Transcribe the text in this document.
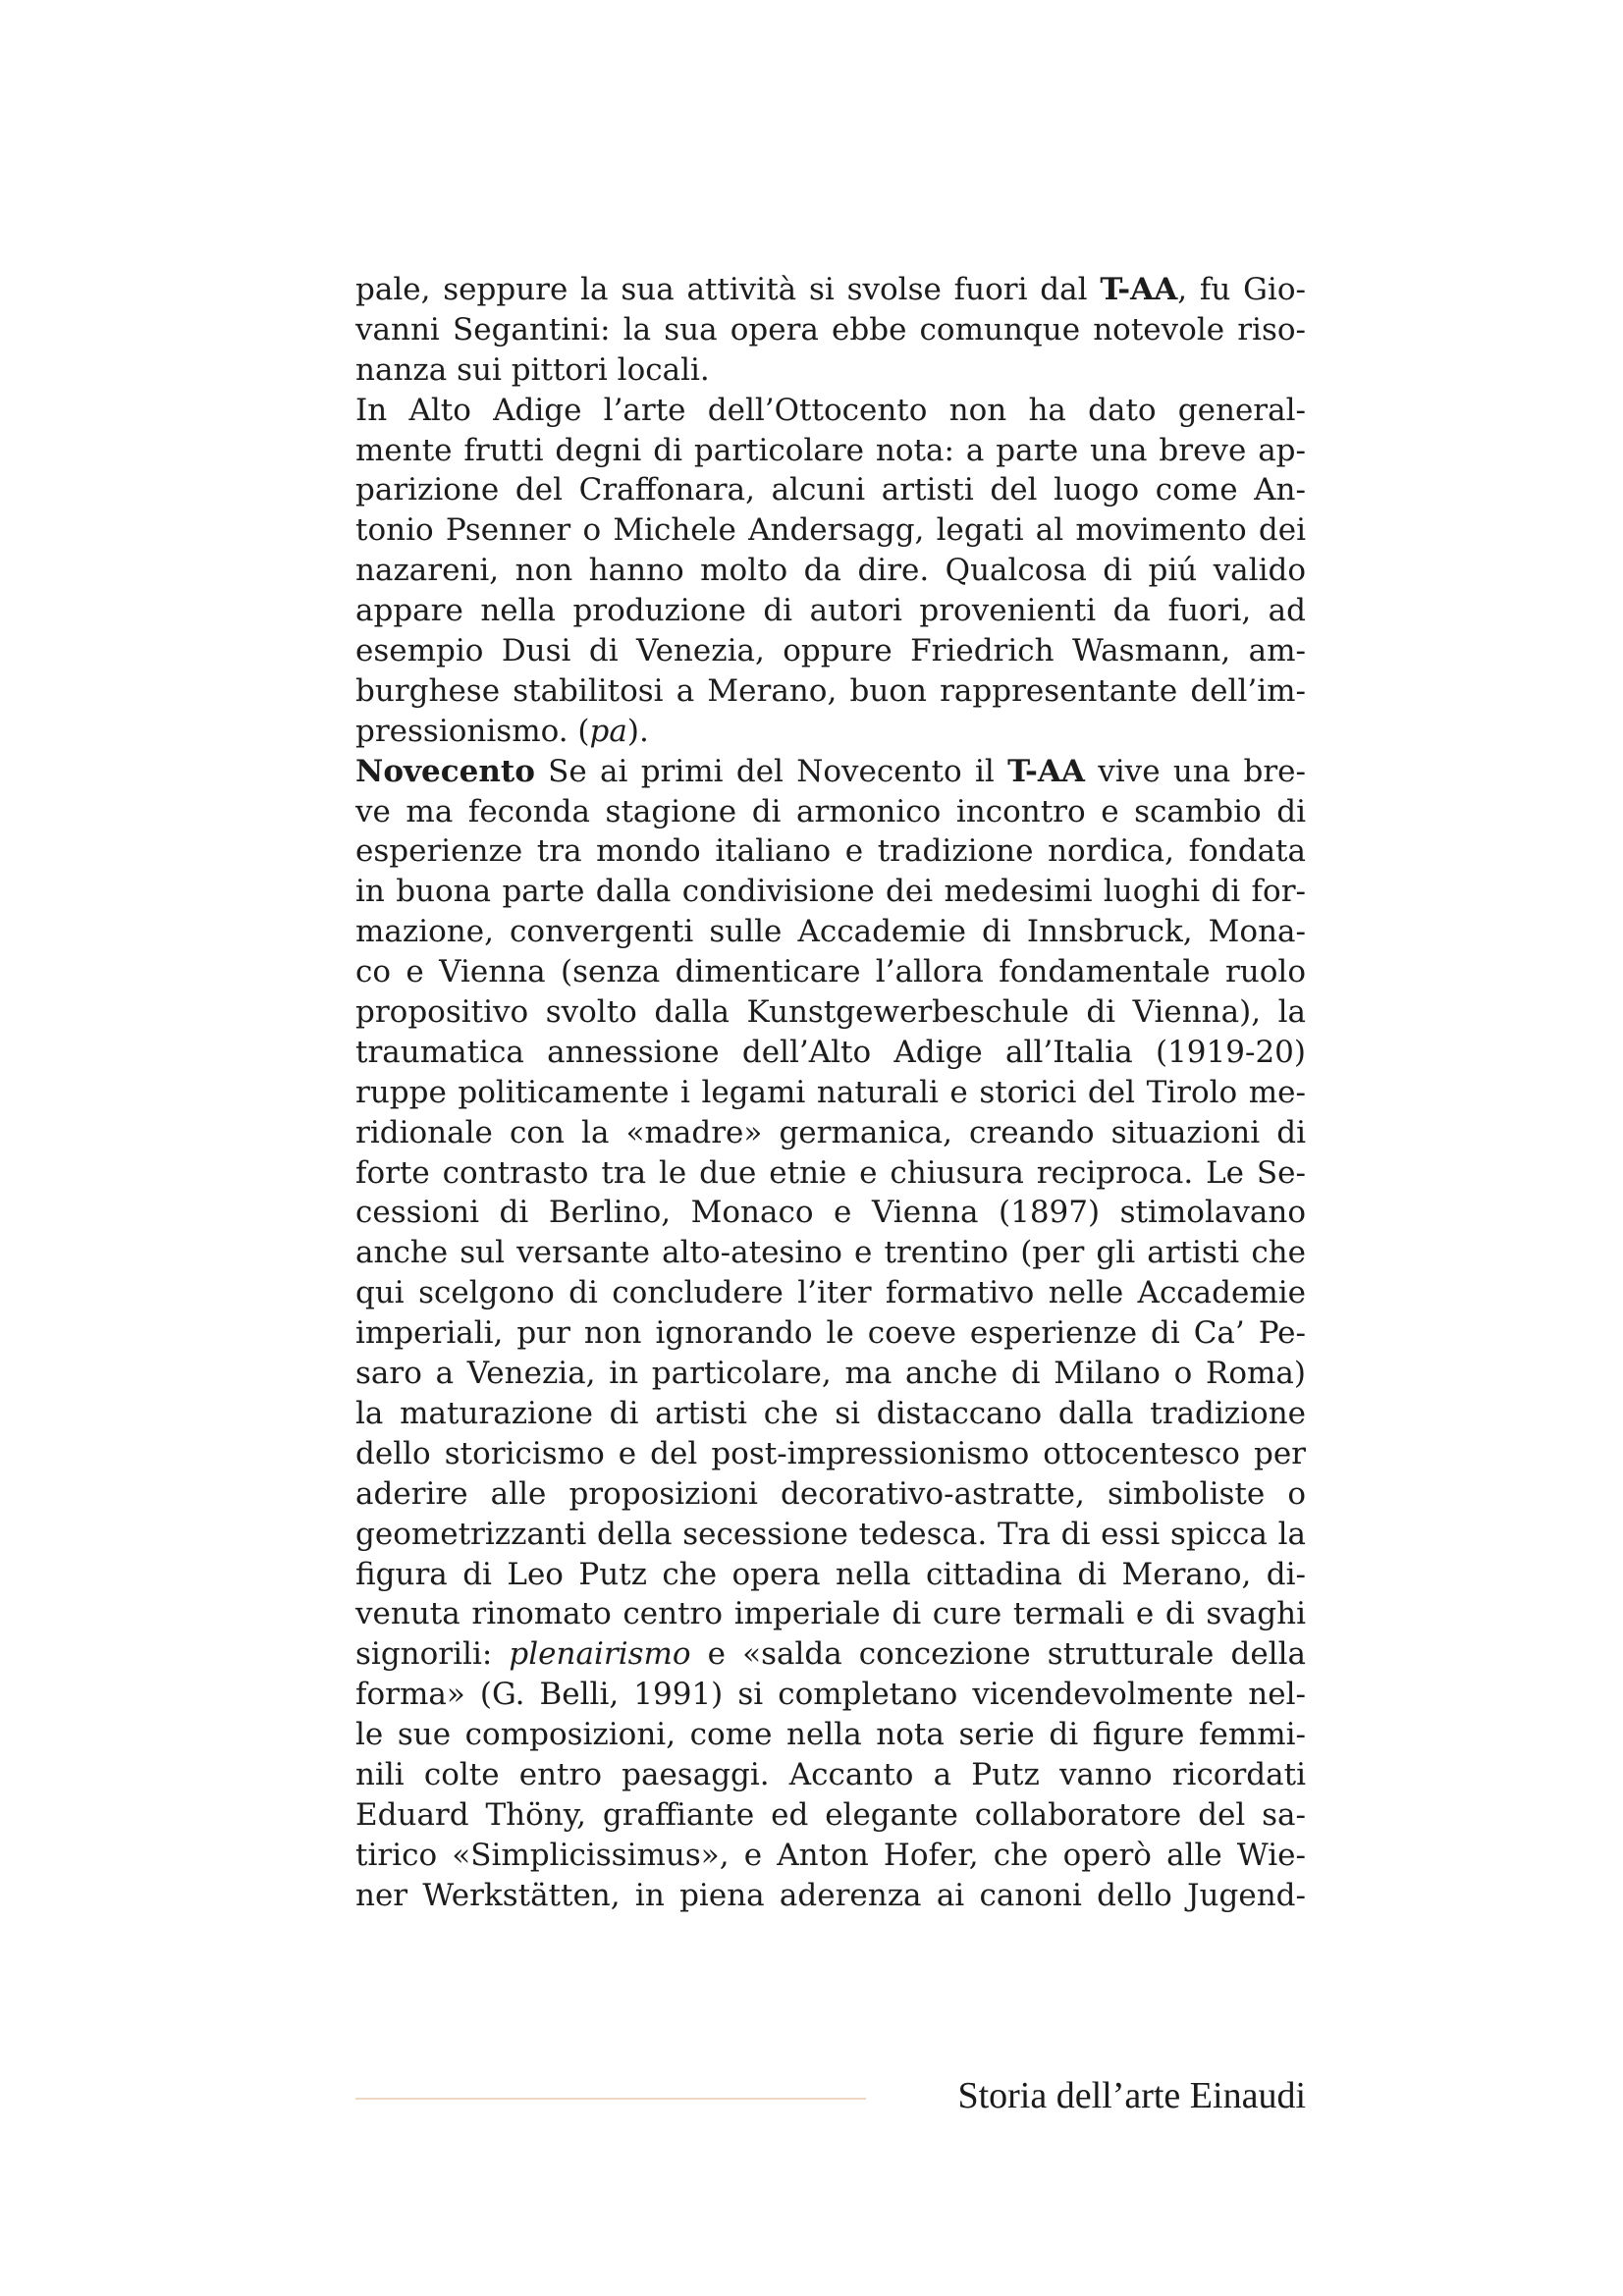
pale, seppure la sua attività si svolse fuori dal T-AA, fu Gio-
vanni Segantini: la sua opera ebbe comunque notevole riso-
nanza sui pittori locali.
In Alto Adige l’arte dell’Ottocento non ha dato general-
mente frutti degni di particolare nota: a parte una breve ap-
parizione del Craffonara, alcuni artisti del luogo come An-
tonio Psenner o Michele Andersagg, legati al movimento dei
nazareni, non hanno molto da dire. Qualcosa di piú valido
appare nella produzione di autori provenienti da fuori, ad
esempio Dusi di Venezia, oppure Friedrich Wasmann, am-
burghese stabilitosi a Merano, buon rappresentante dell’im-
pressionismo. (pa).
Novecento Se ai primi del Novecento il T-AA vive una bre-
ve ma feconda stagione di armonico incontro e scambio di
esperienze tra mondo italiano e tradizione nordica, fondata
in buona parte dalla condivisione dei medesimi luoghi di for-
mazione, convergenti sulle Accademie di Innsbruck, Mona-
co e Vienna (senza dimenticare l’allora fondamentale ruolo
propositivo svolto dalla Kunstgewerbeschule di Vienna), la
traumatica annessione dell’Alto Adige all’Italia (1919-20)
ruppe politicamente i legami naturali e storici del Tirolo me-
ridionale con la «madre» germanica, creando situazioni di
forte contrasto tra le due etnie e chiusura reciproca. Le Se-
cessioni di Berlino, Monaco e Vienna (1897) stimolavano
anche sul versante alto-atesino e trentino (per gli artisti che
qui scelgono di concludere l’iter formativo nelle Accademie
imperiali, pur non ignorando le coeve esperienze di Ca’ Pe-
saro a Venezia, in particolare, ma anche di Milano o Roma)
la maturazione di artisti che si distaccano dalla tradizione
dello storicismo e del post-impressionismo ottocentesco per
aderire alle proposizioni decorativo-astratte, simboliste o
geometrizzanti della secessione tedesca. Tra di essi spicca la
figura di Leo Putz che opera nella cittadina di Merano, di-
venuta rinomato centro imperiale di cure termali e di svaghi
signorili: plenairismo e «salda concezione strutturale della
forma» (G. Belli, 1991) si completano vicendevolmente nel-
le sue composizioni, come nella nota serie di figure femmi-
nili colte entro paesaggi. Accanto a Putz vanno ricordati
Eduard Thöny, graffiante ed elegante collaboratore del sa-
tirico «Simplicissimus», e Anton Hofer, che operò alle Wie-
ner Werkstätten, in piena aderenza ai canoni dello Jugend-
Storia dell’arte Einaudi
